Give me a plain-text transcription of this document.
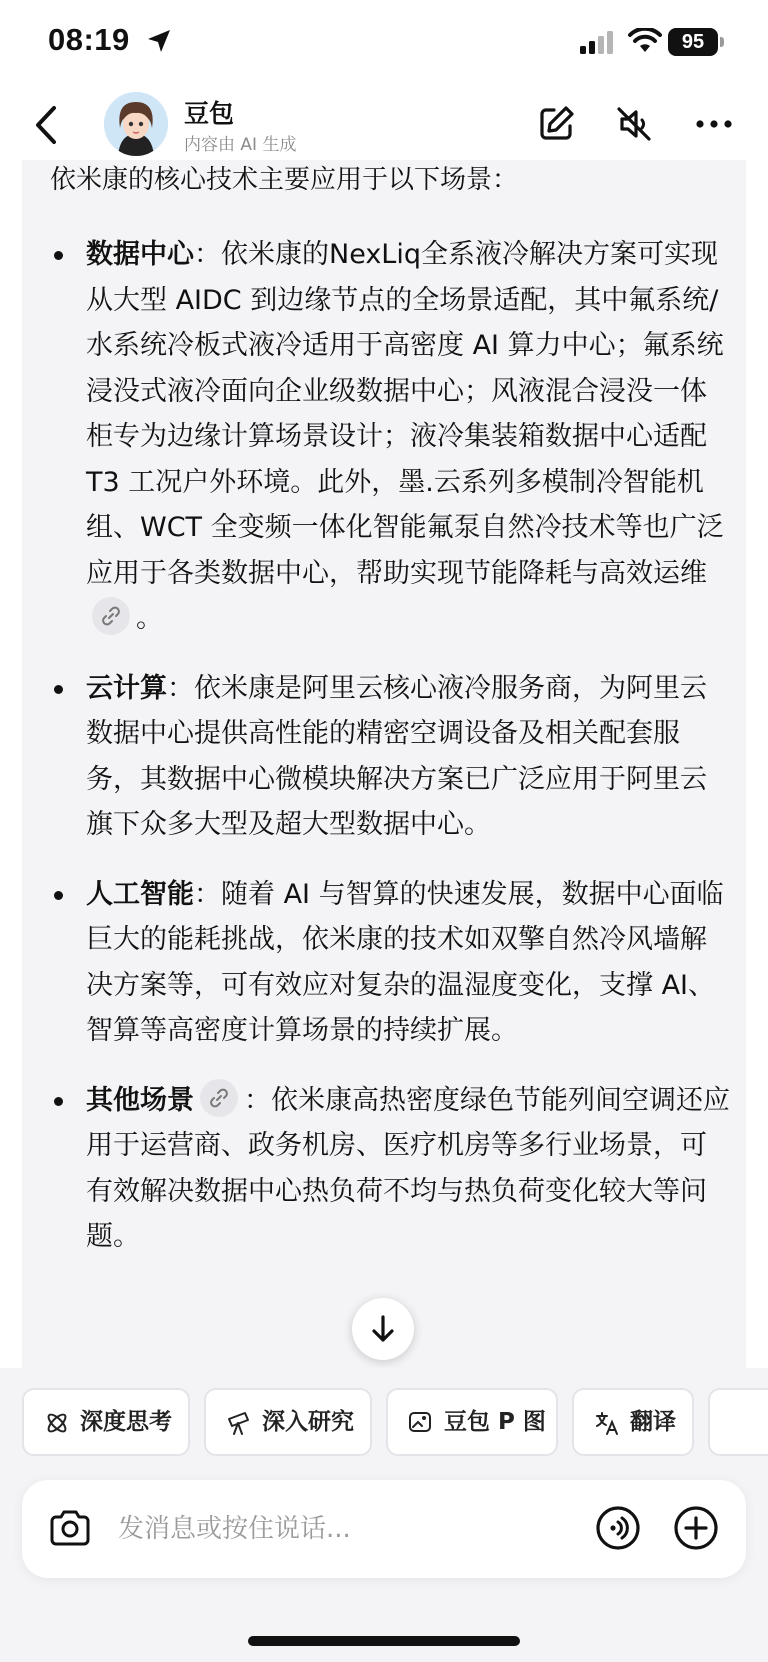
08:19	95
豆包
内容由 AI 生成
依米康的核心技术主要应用于以下场景：
数据中心：依米康的NexLiq全系液冷解决方案可实现从大型 AIDC 到边缘节点的全场景适配，其中氟系统/水系统冷板式液冷适用于高密度 AI 算力中心；氟系统浸没式液冷面向企业级数据中心；风液混合浸没一体柜专为边缘计算场景设计；液冷集装箱数据中心适配 T3 工况户外环境。此外，墨.云系列多模制冷智能机组、WCT 全变频一体化智能氟泵自然冷技术等也广泛应用于各类数据中心，帮助实现节能降耗与高效运维
。
云计算：依米康是阿里云核心液冷服务商，为阿里云数据中心提供高性能的精密空调设备及相关配套服务，其数据中心微模块解决方案已广泛应用于阿里云旗下众多大型及超大型数据中心。
人工智能：随着 AI 与智算的快速发展，数据中心面临巨大的能耗挑战，依米康的技术如双擎自然冷风墙解决方案等，可有效应对复杂的温湿度变化，支撑 AI、智算等高密度计算场景的持续扩展。
其他场景 ：依米康高热密度绿色节能列间空调还应用于运营商、政务机房、医疗机房等多行业场景，可有效解决数据中心热负荷不均与热负荷变化较大等问题。
深度思考	深入研究	豆包 P 图	翻译
发消息或按住说话...
